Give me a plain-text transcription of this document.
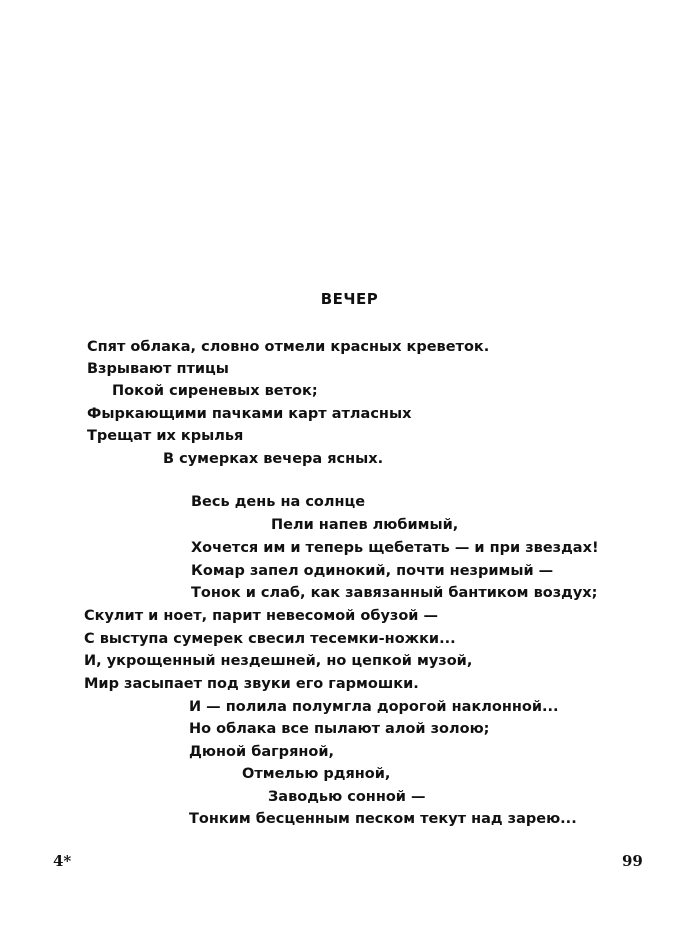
ВЕЧЕР
Спят облака, словно отмели красных креветок.
Взрывают птицы
Покой сиреневых веток;
Фыркающими пачками карт атласных
Трещат их крылья
В сумерках вечера ясных.
Весь день на солнце
Пели напев любимый,
Хочется им и теперь щебетать — и при звездах!
Комар запел одинокий, почти незримый —
Тонок и слаб, как завязанный бантиком воздух;
Скулит и ноет, парит невесомой обузой —
С выступа сумерек свесил тесемки-ножки...
И, укрощенный нездешней, но цепкой музой,
Мир засыпает под звуки его гармошки.
И — полила полумгла дорогой наклонной...
Но облака все пылают алой золою;
Дюной багряной,
Отмелью рдяной,
Заводью сонной —
Тонким бесценным песком текут над зарею...
4*	99
